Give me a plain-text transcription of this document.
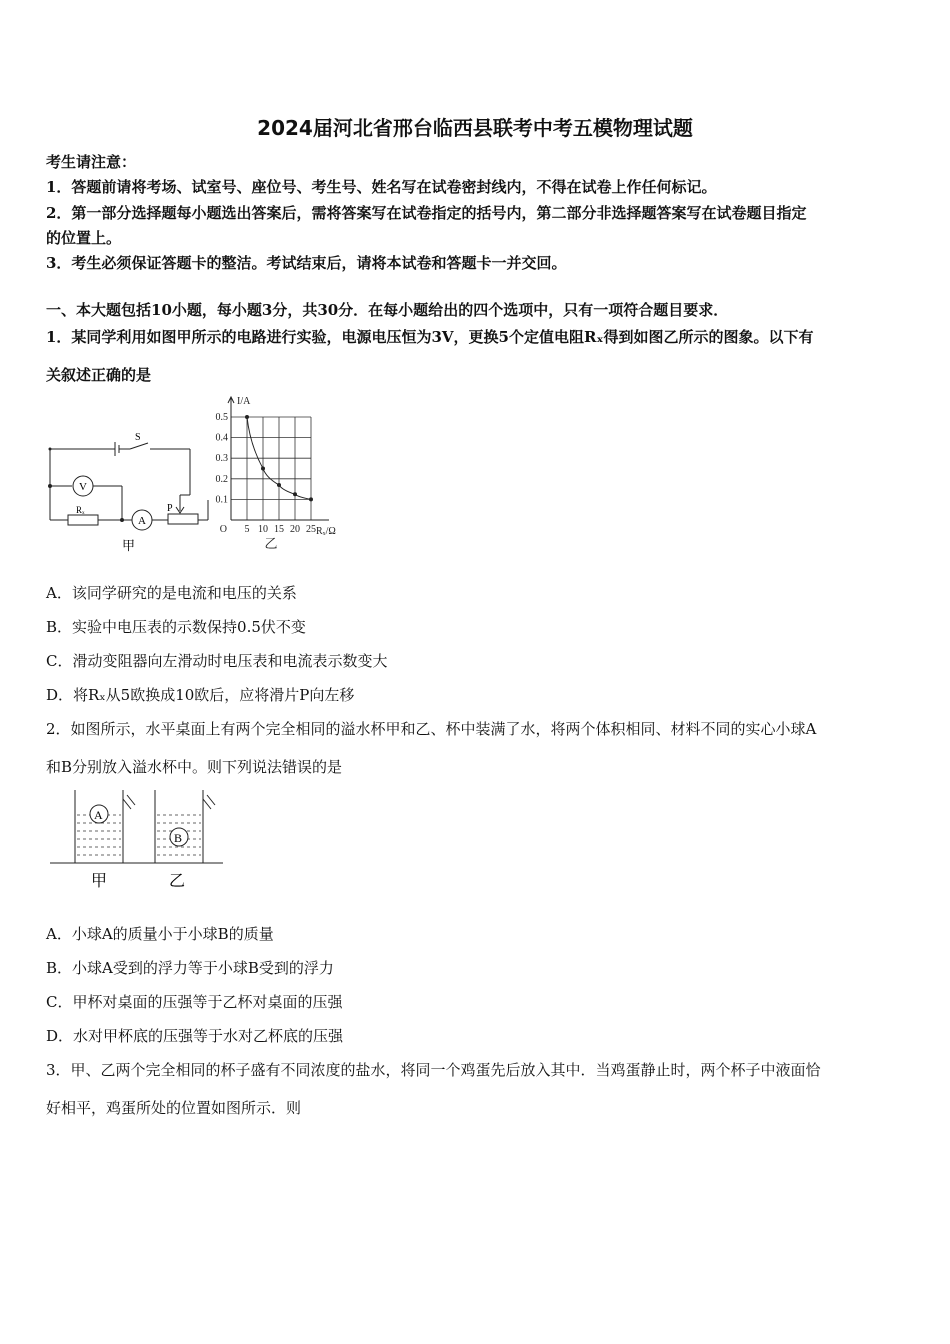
2024届河北省邢台临西县联考中考五模物理试题
考生请注意：
1．答题前请将考场、试室号、座位号、考生号、姓名写在试卷密封线内，不得在试卷上作任何标记。
2．第一部分选择题每小题选出答案后，需将答案写在试卷指定的括号内，第二部分非选择题答案写在试卷题目指定
的位置上。
3．考生必须保证答题卡的整洁。考试结束后，请将本试卷和答题卡一并交回。
一、本大题包括10小题，每小题3分，共30分．在每小题给出的四个选项中，只有一项符合题目要求．
1．某同学利用如图甲所示的电路进行实验，电源电压恒为3V，更换5个定值电阻Rₓ得到如图乙所示的图象。以下有
关叙述正确的是
S
V
A
Rₓ	P
甲
5 10 15 20 25
0.5
0.4
0.3
0.2
0.1
O
I/A
Rₓ/Ω
乙
A．该同学研究的是电流和电压的关系
B．实验中电压表的示数保持0.5伏不变
C．滑动变阻器向左滑动时电压表和电流表示数变大
D．将Rₓ从5欧换成10欧后，应将滑片P向左移
2．如图所示，水平桌面上有两个完全相同的溢水杯甲和乙、杯中装满了水，将两个体积相同、材料不同的实心小球A
和B分别放入溢水杯中。则下列说法错误的是
A
B
甲	乙
A．小球A的质量小于小球B的质量
B．小球A受到的浮力等于小球B受到的浮力
C．甲杯对桌面的压强等于乙杯对桌面的压强
D．水对甲杯底的压强等于水对乙杯底的压强
3．甲、乙两个完全相同的杯子盛有不同浓度的盐水，将同一个鸡蛋先后放入其中．当鸡蛋静止时，两个杯子中液面恰
好相平，鸡蛋所处的位置如图所示．则
